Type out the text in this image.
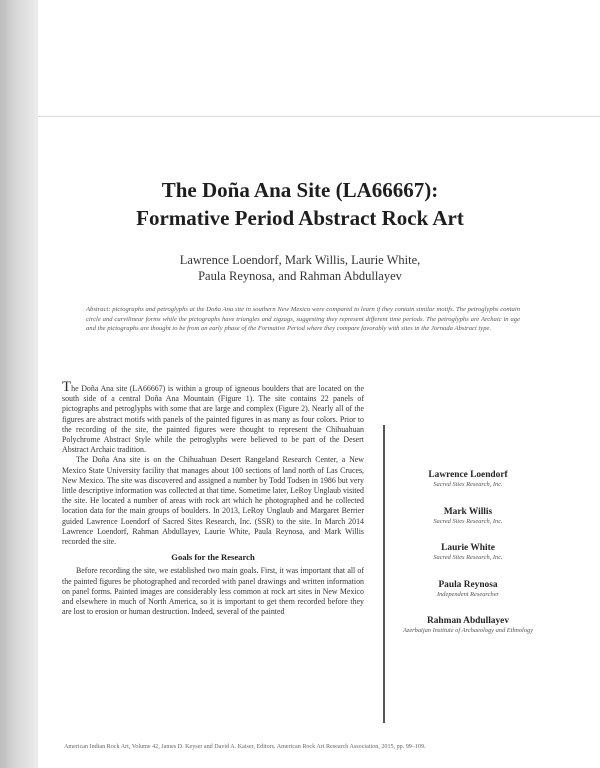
The Doña Ana Site (LA66667):
Formative Period Abstract Rock Art
Lawrence Loendorf, Mark Willis, Laurie White,
Paula Reynosa, and Rahman Abdullayev
Abstract: pictographs and petroglyphs at the Doña Ana site in southern New Mexico were compared to learn if they contain similar motifs. The petroglyphs contain circle and curvilinear forms while the pictographs have triangles and zigzags, suggesting they represent different time periods. The petroglyphs are Archaic in age and the pictographs are thought to be from an early phase of the Formative Period where they compare favorably with sites in the Jornada Abstract type.

The Doña Ana site (LA66667) is within a group of igneous boulders that are located on the south side of a central Doña Ana Mountain (Figure 1). The site contains 22 panels of pictographs and petroglyphs with some that are large and complex (Figure 2). Nearly all of the figures are abstract motifs with panels of the painted figures in as many as four colors. Prior to the recording of the site, the painted figures were thought to represent the Chihuahuan Polychrome Abstract Style while the petroglyphs were believed to be part of the Desert Abstract Archaic tradition.

The Doña Ana site is on the Chihuahuan Desert Rangeland Research Center, a New Mexico State University facility that manages about 100 sections of land north of Las Cruces, New Mexico. The site was discovered and assigned a number by Todd Todsen in 1986 but very little descriptive information was collected at that time. Sometime later, LeRoy Unglaub visited the site. He located a number of areas with rock art which he photographed and he collected location data for the main groups of boulders. In 2013, LeRoy Unglaub and Margaret Berrier guided Lawrence Loendorf of Sacred Sites Research, Inc. (SSR) to the site. In March 2014 Lawrence Loendorf, Rahman Abdullayev, Laurie White, Paula Reynosa, and Mark Willis recorded the site.

Goals for the Research

Before recording the site, we established two main goals. First, it was important that all of the painted figures be photographed and recorded with panel drawings and written information on panel forms. Painted images are considerably less common at rock art sites in New Mexico and elsewhere in much of North America, so it is important to get them recorded before they are lost to erosion or human destruction. Indeed, several of the painted

Lawrence Loendorf
Sacred Sites Research, Inc.
Mark Willis
Sacred Sites Research, Inc.
Laurie White
Sacred Sites Research, Inc.
Paula Reynosa
Independent Researcher
Rahman Abdullayev
Azerbaijan Institute of Archaeology and Ethnology
American Indian Rock Art, Volume 42, James D. Keyser and David A. Kaiser, Editors. American Rock Art Research Association, 2015, pp. 99–109.
